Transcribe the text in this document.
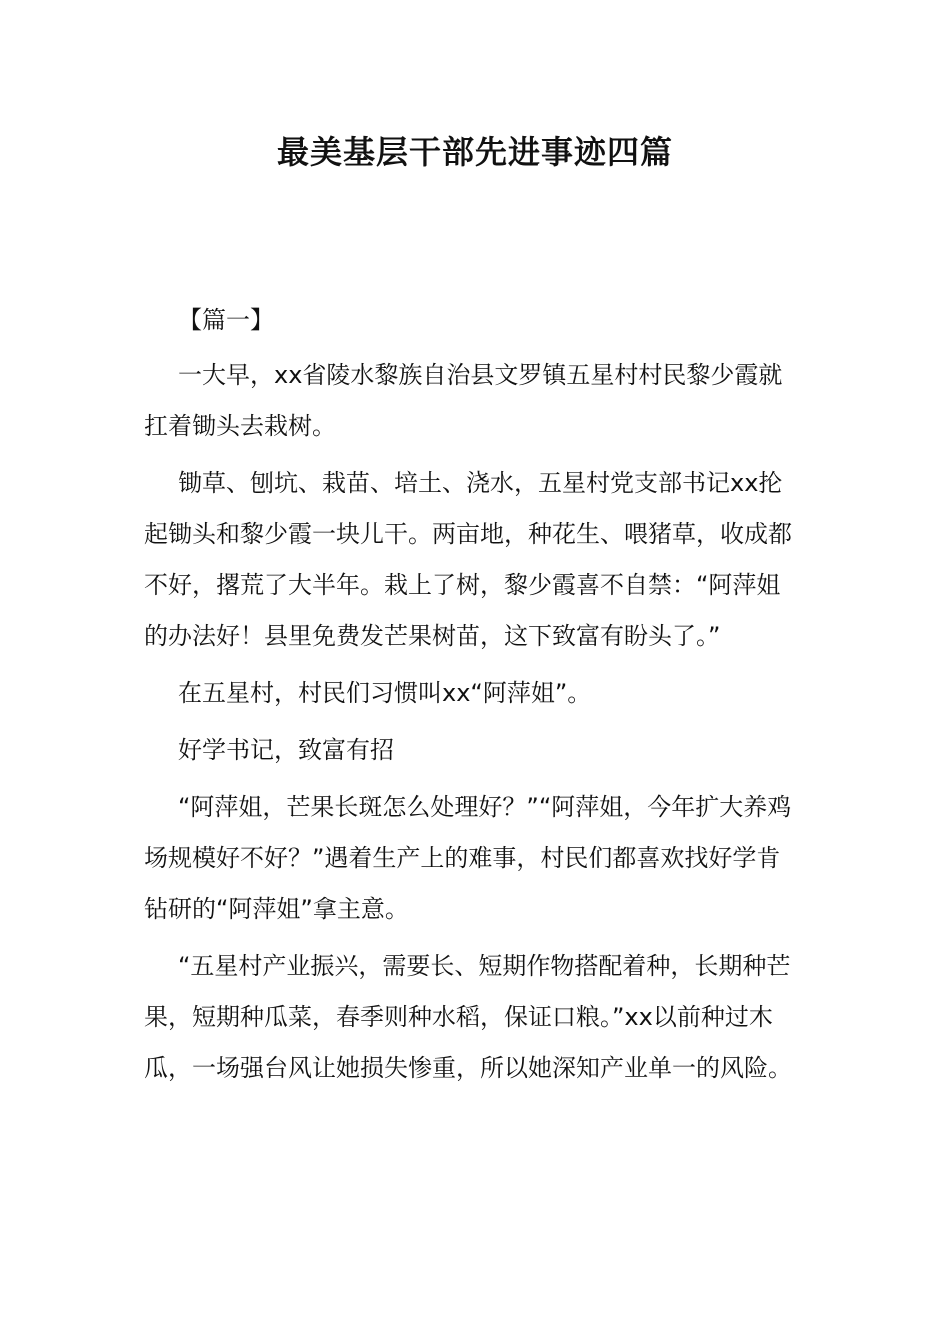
最美基层干部先进事迹四篇

【篇一】

一大早，xx省陵水黎族自治县文罗镇五星村村民黎少霞就扛着锄头去栽树。

锄草、刨坑、栽苗、培土、浇水，五星村党支部书记xx抡起锄头和黎少霞一块儿干。两亩地，种花生、喂猪草，收成都不好，撂荒了大半年。栽上了树，黎少霞喜不自禁：“阿萍姐的办法好！县里免费发芒果树苗，这下致富有盼头了。”

在五星村，村民们习惯叫xx“阿萍姐”。

好学书记，致富有招

“阿萍姐，芒果长斑怎么处理好？”“阿萍姐，今年扩大养鸡场规模好不好？”遇着生产上的难事，村民们都喜欢找好学肯钻研的“阿萍姐”拿主意。

“五星村产业振兴，需要长、短期作物搭配着种，长期种芒果，短期种瓜菜，春季则种水稻，保证口粮。”xx以前种过木瓜，一场强台风让她损失惨重，所以她深知产业单一的风险。
